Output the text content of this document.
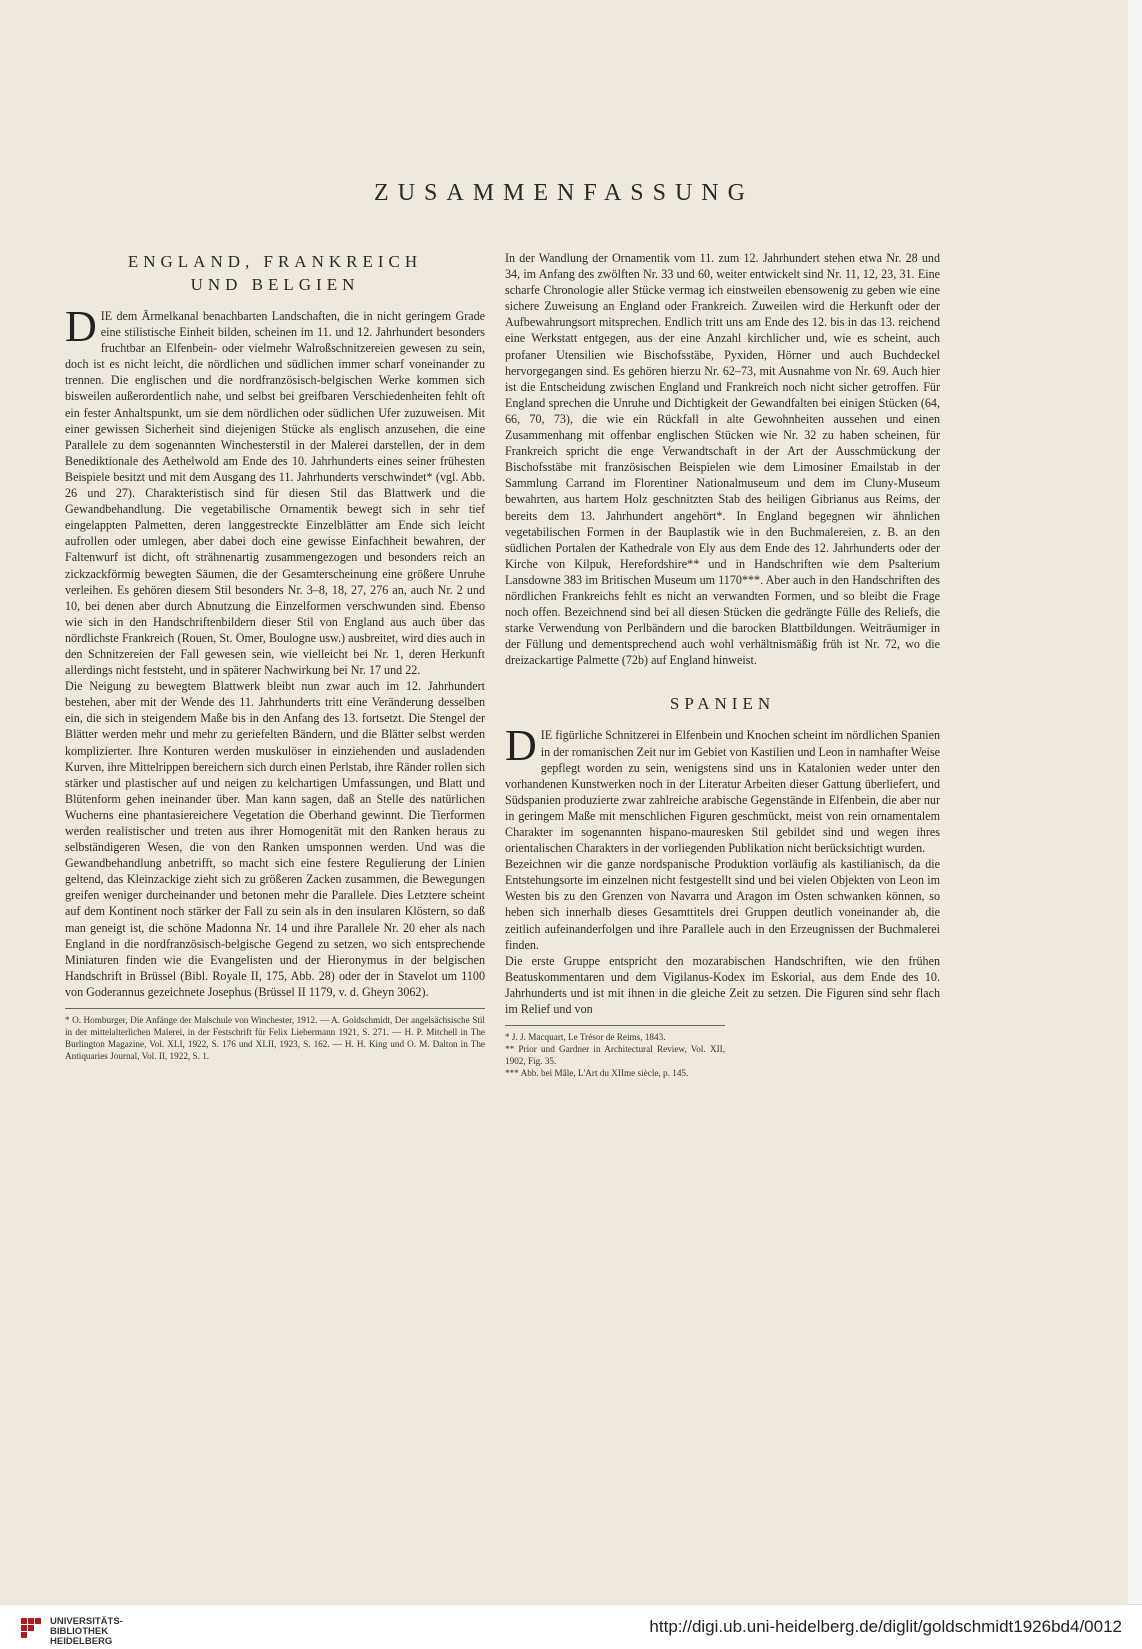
ZUSAMMENFASSUNG
ENGLAND, FRANKREICH
UND BELGIEN

DIE dem Ärmelkanal benachbarten Landschaften, die in nicht geringem Grade eine stilistische Einheit bilden, scheinen im 11. und 12. Jahrhundert besonders fruchtbar an Elfenbein- oder vielmehr Walroßschnitzereien gewesen zu sein, doch ist es nicht leicht, die nördlichen und südlichen immer scharf voneinander zu trennen. Die englischen und die nordfranzösisch-belgischen Werke kommen sich bisweilen außerordentlich nahe, und selbst bei greifbaren Verschiedenheiten fehlt oft ein fester Anhaltspunkt, um sie dem nördlichen oder südlichen Ufer zuzuweisen. Mit einer gewissen Sicherheit sind diejenigen Stücke als englisch anzusehen, die eine Parallele zu dem sogenannten Winchesterstil in der Malerei darstellen, der in dem Benediktionale des Aethelwold am Ende des 10. Jahrhunderts eines seiner frühesten Beispiele besitzt und mit dem Ausgang des 11. Jahrhunderts verschwindet* (vgl. Abb. 26 und 27). Charakteristisch sind für diesen Stil das Blattwerk und die Gewandbehandlung. Die vegetabilische Ornamentik bewegt sich in sehr tief eingelappten Palmetten, deren langgestreckte Einzelblätter am Ende sich leicht aufrollen oder umlegen, aber dabei doch eine gewisse Einfachheit bewahren, der Faltenwurf ist dicht, oft strähnenartig zusammengezogen und besonders reich an zickzackförmig bewegten Säumen, die der Gesamterscheinung eine größere Unruhe verleihen. Es gehören diesem Stil besonders Nr. 3–8, 18, 27, 276 an, auch Nr. 2 und 10, bei denen aber durch Abnutzung die Einzelformen verschwunden sind. Ebenso wie sich in den Handschriftenbildern dieser Stil von England aus auch über das nördlichste Frankreich (Rouen, St. Omer, Boulogne usw.) ausbreitet, wird dies auch in den Schnitzereien der Fall gewesen sein, wie vielleicht bei Nr. 1, deren Herkunft allerdings nicht feststeht, und in späterer Nachwirkung bei Nr. 17 und 22.

Die Neigung zu bewegtem Blattwerk bleibt nun zwar auch im 12. Jahrhundert bestehen, aber mit der Wende des 11. Jahrhunderts tritt eine Veränderung desselben ein, die sich in steigendem Maße bis in den Anfang des 13. fortsetzt. Die Stengel der Blätter werden mehr und mehr zu geriefelten Bändern, und die Blätter selbst werden komplizierter. Ihre Konturen werden muskulöser in einziehenden und ausladenden Kurven, ihre Mittelrippen bereichern sich durch einen Perlstab, ihre Ränder rollen sich stärker und plastischer auf und neigen zu kelchartigen Umfassungen, und Blatt und Blütenform gehen ineinander über. Man kann sagen, daß an Stelle des natürlichen Wucherns eine phantasiereichere Vegetation die Oberhand gewinnt. Die Tierformen werden realistischer und treten aus ihrer Homogenität mit den Ranken heraus zu selbständigeren Wesen, die von den Ranken umsponnen werden. Und was die Gewandbehandlung anbetrifft, so macht sich eine festere Regulierung der Linien geltend, das Kleinzackige zieht sich zu größeren Zacken zusammen, die Bewegungen greifen weniger durcheinander und betonen mehr die Parallele. Dies Letztere scheint auf dem Kontinent noch stärker der Fall zu sein als in den insularen Klöstern, so daß man geneigt ist, die schöne Madonna Nr. 14 und ihre Parallele Nr. 20 eher als nach England in die nordfranzösisch-belgische Gegend zu setzen, wo sich entsprechende Miniaturen finden wie die Evangelisten und der Hieronymus in der belgischen Handschrift in Brüssel (Bibl. Royale II, 175, Abb. 28) oder der in Stavelot um 1100 von Goderannus gezeichnete Josephus (Brüssel II 1179, v. d. Gheyn 3062).

* O. Homburger, Die Anfänge der Malschule von Winchester, 1912. — A. Goldschmidt, Der angelsächsische Stil in der mittelalterlichen Malerei, in der Festschrift für Felix Liebermann 1921, S. 271. — H. P. Mitchell in The Burlington Magazine, Vol. XLI, 1922, S. 176 und XLII, 1923, S. 162. — H. H. King und O. M. Dalton in The Antiquaries Journal, Vol. II, 1922, S. 1.

In der Wandlung der Ornamentik vom 11. zum 12. Jahrhundert stehen etwa Nr. 28 und 34, im Anfang des zwölften Nr. 33 und 60, weiter entwickelt sind Nr. 11, 12, 23, 31. Eine scharfe Chronologie aller Stücke vermag ich einstweilen ebensowenig zu geben wie eine sichere Zuweisung an England oder Frankreich. Zuweilen wird die Herkunft oder der Aufbewahrungsort mitsprechen. Endlich tritt uns am Ende des 12. bis in das 13. reichend eine Werkstatt entgegen, aus der eine Anzahl kirchlicher und, wie es scheint, auch profaner Utensilien wie Bischofsstäbe, Pyxiden, Hörner und auch Buchdeckel hervorgegangen sind. Es gehören hierzu Nr. 62–73, mit Ausnahme von Nr. 69. Auch hier ist die Entscheidung zwischen England und Frankreich noch nicht sicher getroffen. Für England sprechen die Unruhe und Dichtigkeit der Gewandfalten bei einigen Stücken (64, 66, 70, 73), die wie ein Rückfall in alte Gewohnheiten aussehen und einen Zusammenhang mit offenbar englischen Stücken wie Nr. 32 zu haben scheinen, für Frankreich spricht die enge Verwandtschaft in der Art der Ausschmückung der Bischofsstäbe mit französischen Beispielen wie dem Limosiner Emailstab in der Sammlung Carrand im Florentiner Nationalmuseum und dem im Cluny-Museum bewahrten, aus hartem Holz geschnitzten Stab des heiligen Gibrianus aus Reims, der bereits dem 13. Jahrhundert angehört*. In England begegnen wir ähnlichen vegetabilischen Formen in der Bauplastik wie in den Buchmalereien, z. B. an den südlichen Portalen der Kathedrale von Ely aus dem Ende des 12. Jahrhunderts oder der Kirche von Kilpuk, Herefordshire** und in Handschriften wie dem Psalterium Lansdowne 383 im Britischen Museum um 1170***. Aber auch in den Handschriften des nördlichen Frankreichs fehlt es nicht an verwandten Formen, und so bleibt die Frage noch offen. Bezeichnend sind bei all diesen Stücken die gedrängte Fülle des Reliefs, die starke Verwendung von Perlbändern und die barocken Blattbildungen. Weiträumiger in der Füllung und dementsprechend auch wohl verhältnismäßig früh ist Nr. 72, wo die dreizackartige Palmette (72b) auf England hinweist.

SPANIEN

DIE figürliche Schnitzerei in Elfenbein und Knochen scheint im nördlichen Spanien in der romanischen Zeit nur im Gebiet von Kastilien und Leon in namhafter Weise gepflegt worden zu sein, wenigstens sind uns in Katalonien weder unter den vorhandenen Kunstwerken noch in der Literatur Arbeiten dieser Gattung überliefert, und Südspanien produzierte zwar zahlreiche arabische Gegenstände in Elfenbein, die aber nur in geringem Maße mit menschlichen Figuren geschmückt, meist von rein ornamentalem Charakter im sogenannten hispano-mauresken Stil gebildet sind und wegen ihres orientalischen Charakters in der vorliegenden Publikation nicht berücksichtigt wurden.

Bezeichnen wir die ganze nordspanische Produktion vorläufig als kastilianisch, da die Entstehungsorte im einzelnen nicht festgestellt sind und bei vielen Objekten von Leon im Westen bis zu den Grenzen von Navarra und Aragon im Osten schwanken können, so heben sich innerhalb dieses Gesamttitels drei Gruppen deutlich voneinander ab, die zeitlich aufeinanderfolgen und ihre Parallele auch in den Erzeugnissen der Buchmalerei finden.

Die erste Gruppe entspricht den mozarabischen Handschriften, wie den frühen Beatuskommentaren und dem Vigilanus-Kodex im Eskorial, aus dem Ende des 10. Jahrhunderts und ist mit ihnen in die gleiche Zeit zu setzen. Die Figuren sind sehr flach im Relief und von

* J. J. Macquart, Le Trésor de Reims, 1843.

** Prior und Gardner in Architectural Review, Vol. XII, 1902, Fig. 35.

*** Abb. bei Mâle, L'Art du XIIme siècle, p. 145.

UNIVERSITÄTS-
BIBLIOTHEK
HEIDELBERG
http://digi.ub.uni-heidelberg.de/diglit/goldschmidt1926bd4/0012
